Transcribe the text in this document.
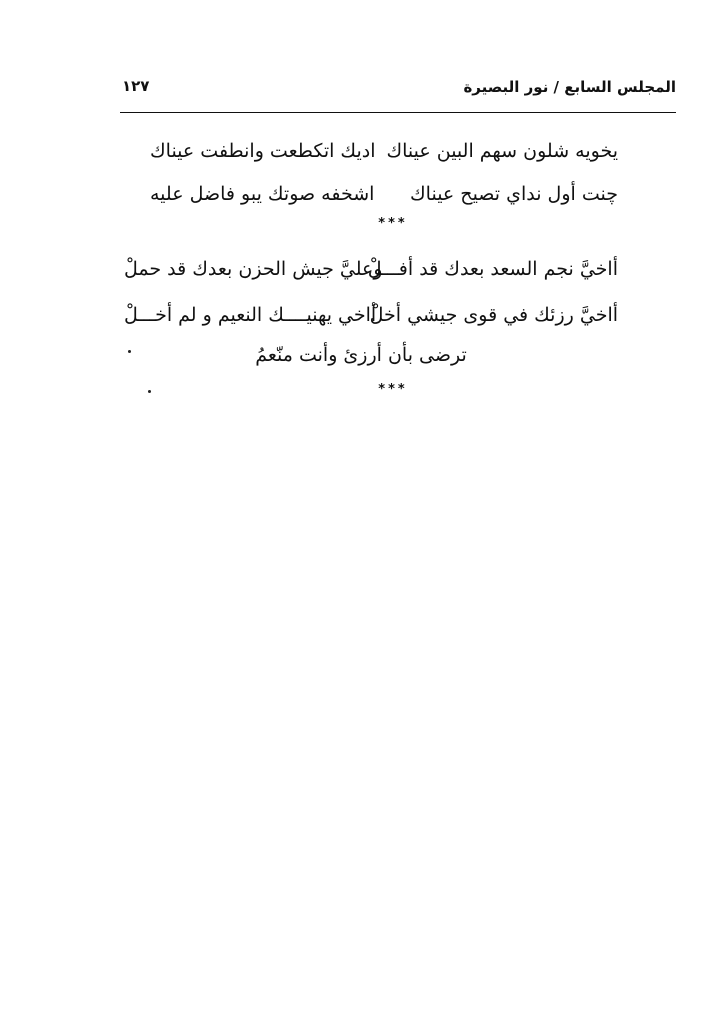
المجلس السابع / نور البصيرة
١٢٧
يخويه شلون سهم البين عيناك
اديك اتكطعت وانطفت عيناك
چنت أول نداي تصيح عيناك
اشخفه صوتك يبو فاضل عليه
***
أاخيَّ نجم السعد بعدك قد أفـــلْ
وعليَّ جيش الحزن بعدك قد حملْ
أاخيَّ رزئك في قوى جيشي أخلْ
أاخي يهنيــــك النعيم و لم أخـــلْ
ترضى بأن أرزئ وأنت منّعمُ
***
